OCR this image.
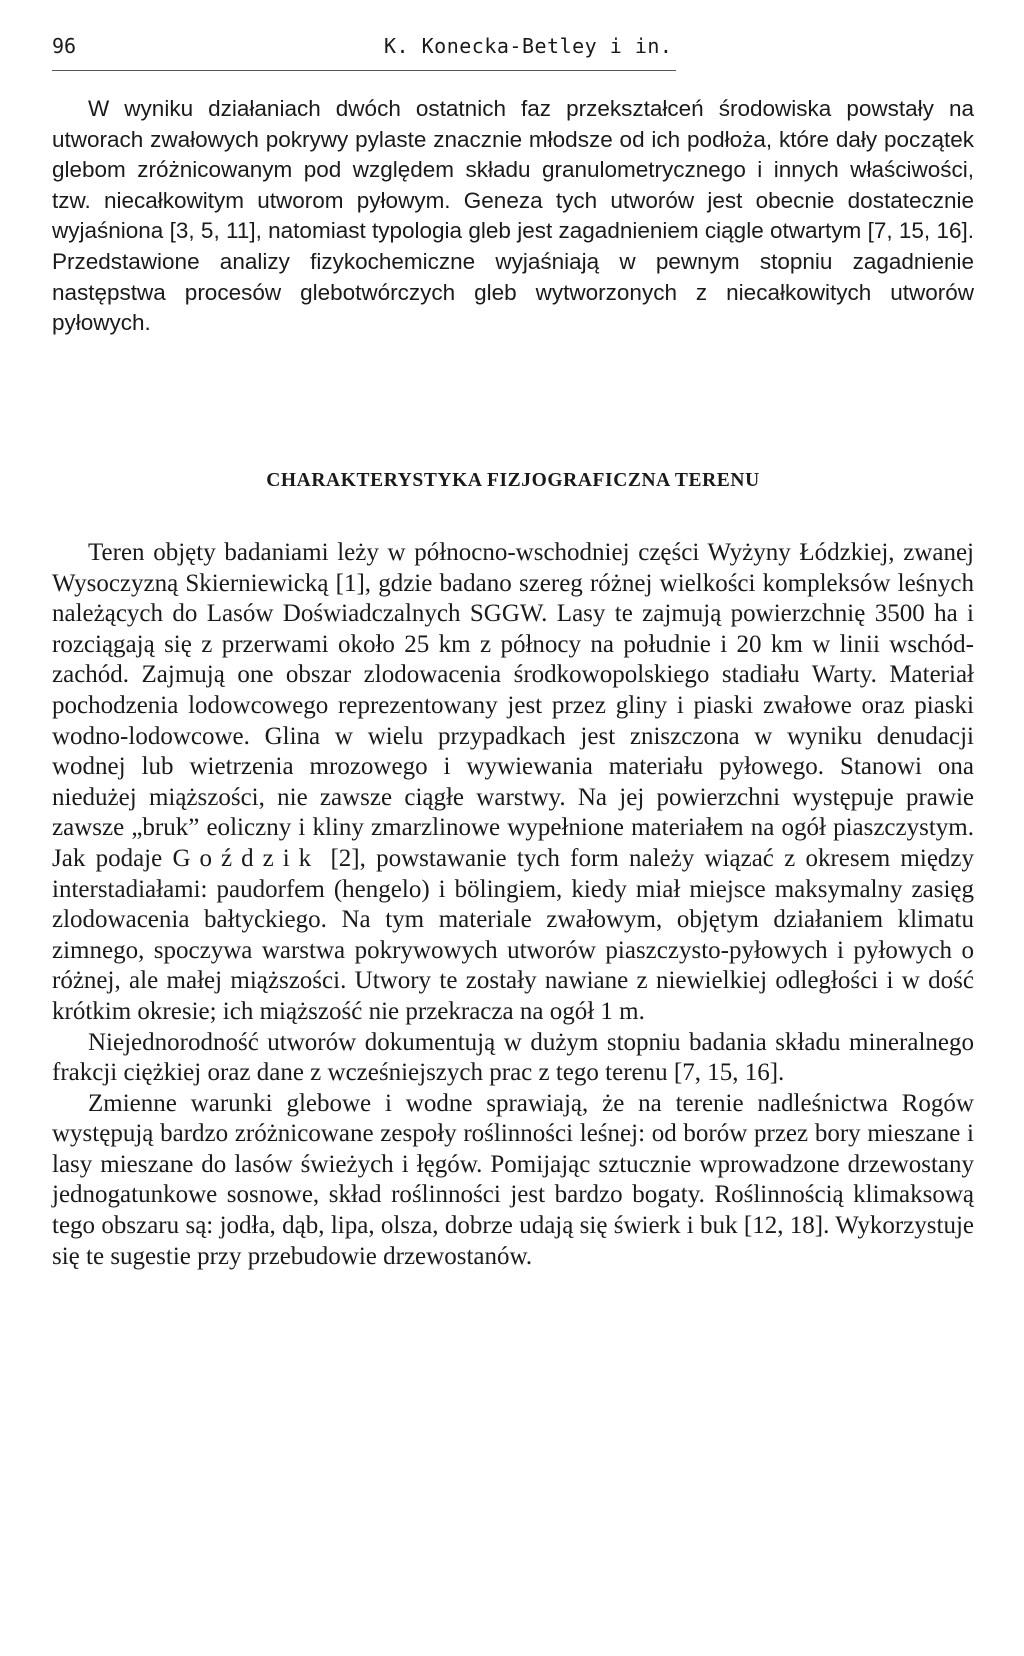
96	K. Konecka-Betley i in.

W wyniku działaniach dwóch ostatnich faz przekształceń środowiska powstały na utworach zwałowych pokrywy pylaste znacznie młodsze od ich podłoża, które dały początek glebom zróżnicowanym pod względem składu granulometrycznego i innych właściwości, tzw. niecałkowitym utworom pyłowym. Geneza tych utworów jest obecnie dostatecznie wyjaśniona [3, 5, 11], natomiast typologia gleb jest zagadnieniem ciągle otwartym [7, 15, 16]. Przedstawione analizy fizykochemiczne wyjaśniają w pewnym stopniu zagadnienie następstwa procesów glebotwórczych gleb wytworzonych z niecałkowitych utworów pyłowych.

CHARAKTERYSTYKA FIZJOGRAFICZNA TERENU

Teren objęty badaniami leży w północno-wschodniej części Wyżyny Łódzkiej, zwanej Wysoczyzną Skierniewicką [1], gdzie badano szereg różnej wielkości kompleksów leśnych należących do Lasów Doświadczalnych SGGW. Lasy te zajmują powierzchnię 3500 ha i rozciągają się z przerwami około 25 km z północy na południe i 20 km w linii wschód-zachód. Zajmują one obszar zlodowacenia środkowopolskiego stadiału Warty. Materiał pochodzenia lodowcowego reprezentowany jest przez gliny i piaski zwałowe oraz piaski wodno-lodowcowe. Glina w wielu przypadkach jest zniszczona w wyniku denudacji wodnej lub wietrzenia mrozowego i wywiewania materiału pyłowego. Stanowi ona niedużej miąższości, nie zawsze ciągłe warstwy. Na jej powierzchni występuje prawie zawsze „bruk” eoliczny i kliny zmarzlinowe wypełnione materiałem na ogół piaszczystym. Jak podaje Goździk [2], powstawanie tych form należy wiązać z okresem między interstadiałami: paudorfem (hengelo) i bölingiem, kiedy miał miejsce maksymalny zasięg zlodowacenia bałtyckiego. Na tym materiale zwałowym, objętym działaniem klimatu zimnego, spoczywa warstwa pokrywowych utworów piaszczysto-pyłowych i pyłowych o różnej, ale małej miąższości. Utwory te zostały nawiane z niewielkiej odległości i w dość krótkim okresie; ich miąższość nie przekracza na ogół 1 m.

Niejednorodność utworów dokumentują w dużym stopniu badania składu mineralnego frakcji ciężkiej oraz dane z wcześniejszych prac z tego terenu [7, 15, 16].

Zmienne warunki glebowe i wodne sprawiają, że na terenie nadleśnictwa Rogów występują bardzo zróżnicowane zespoły roślinności leśnej: od borów przez bory mieszane i lasy mieszane do lasów świeżych i łęgów. Pomijając sztucznie wprowadzone drzewostany jednogatunkowe sosnowe, skład roślinności jest bardzo bogaty. Roślinnością klimaksową tego obszaru są: jodła, dąb, lipa, olsza, dobrze udają się świerk i buk [12, 18]. Wykorzystuje się te sugestie przy przebudowie drzewostanów.
